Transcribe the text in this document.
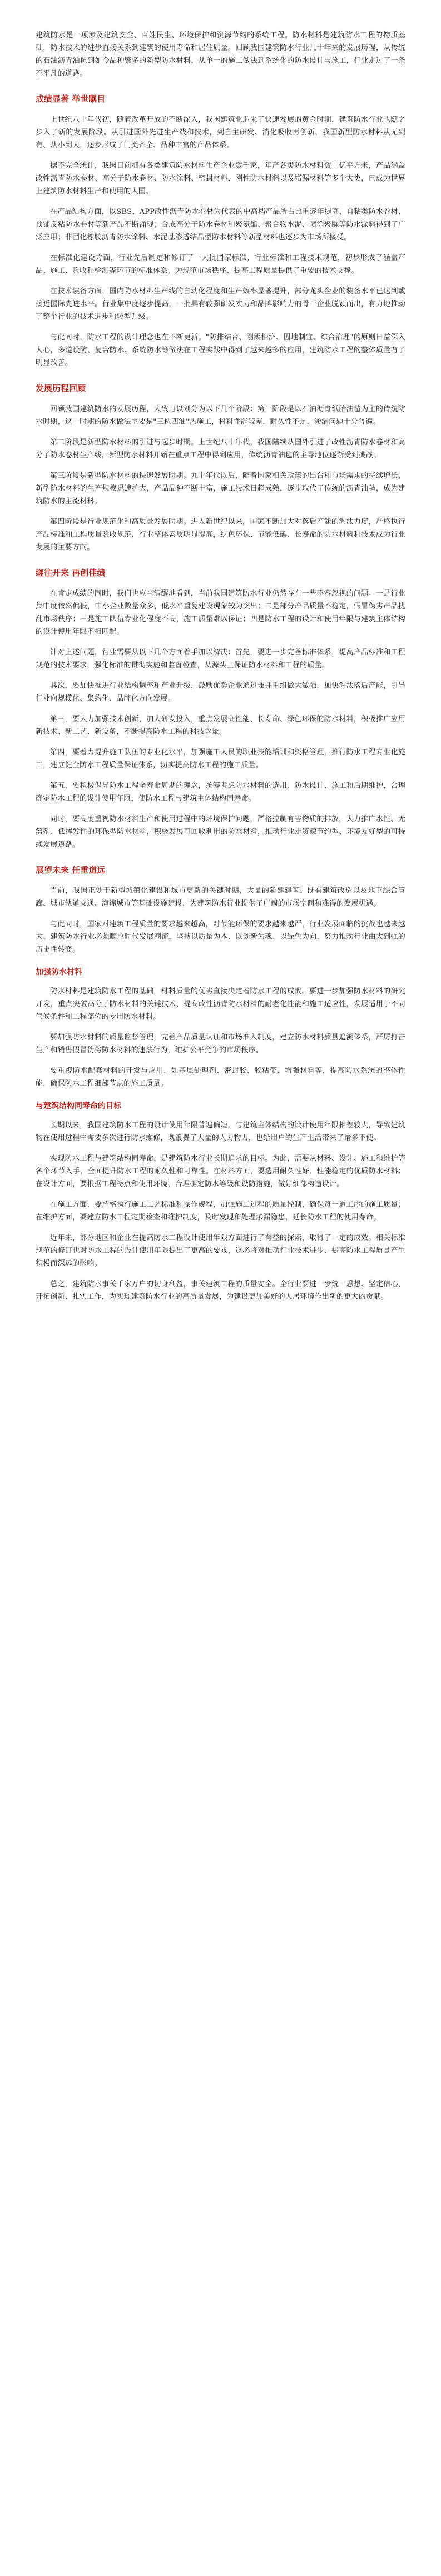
建筑防水是一项涉及建筑安全、百姓民生、环境保护和资源节约的系统工程。防水材料是建筑防水工程的物质基础，防水技术的进步直接关系到建筑的使用寿命和居住质量。回顾我国建筑防水行业几十年来的发展历程，从传统的石油沥青油毡到如今品种繁多的新型防水材料，从单一的施工做法到系统化的防水设计与施工，行业走过了一条不平凡的道路。

成绩显著 举世瞩目

上世纪八十年代初，随着改革开放的不断深入，我国建筑业迎来了快速发展的黄金时期，建筑防水行业也随之步入了新的发展阶段。从引进国外先进生产线和技术，到自主研发、消化吸收再创新，我国新型防水材料从无到有、从小到大，逐步形成了门类齐全、品种丰富的产品体系。

据不完全统计，我国目前拥有各类建筑防水材料生产企业数千家，年产各类防水材料数十亿平方米，产品涵盖改性沥青防水卷材、高分子防水卷材、防水涂料、密封材料、刚性防水材料以及堵漏材料等多个大类，已成为世界上建筑防水材料生产和使用的大国。

在产品结构方面，以SBS、APP改性沥青防水卷材为代表的中高档产品所占比重逐年提高，自粘类防水卷材、预铺反粘防水卷材等新产品不断涌现；合成高分子防水卷材和聚氨酯、聚合物水泥、喷涂聚脲等防水涂料得到了广泛应用；非固化橡胶沥青防水涂料、水泥基渗透结晶型防水材料等新型材料也逐步为市场所接受。

在标准化建设方面，行业先后制定和修订了一大批国家标准、行业标准和工程技术规范，初步形成了涵盖产品、施工、验收和检测等环节的标准体系，为规范市场秩序、提高工程质量提供了重要的技术支撑。

在技术装备方面，国内防水材料生产线的自动化程度和生产效率显著提升，部分龙头企业的装备水平已达到或接近国际先进水平。行业集中度逐步提高，一批具有较强研发实力和品牌影响力的骨干企业脱颖而出，有力地推动了整个行业的技术进步和转型升级。

与此同时，防水工程的设计理念也在不断更新。"防排结合、刚柔相济、因地制宜、综合治理"的原则日益深入人心，多道设防、复合防水、系统防水等做法在工程实践中得到了越来越多的应用，建筑防水工程的整体质量有了明显改善。

发展历程回顾

回顾我国建筑防水的发展历程，大致可以划分为以下几个阶段：第一阶段是以石油沥青纸胎油毡为主的传统防水时期，这一时期的防水做法主要是"三毡四油"热施工，材料性能较差，耐久性不足，渗漏问题十分普遍。

第二阶段是新型防水材料的引进与起步时期。上世纪八十年代，我国陆续从国外引进了改性沥青防水卷材和高分子防水卷材生产线，新型防水材料开始在重点工程中得到应用，传统沥青油毡的主导地位逐渐受到挑战。

第三阶段是新型防水材料的快速发展时期。九十年代以后，随着国家相关政策的出台和市场需求的持续增长，新型防水材料的生产规模迅速扩大，产品品种不断丰富，施工技术日趋成熟，逐步取代了传统的沥青油毡，成为建筑防水的主流材料。

第四阶段是行业规范化和高质量发展时期。进入新世纪以来，国家不断加大对落后产能的淘汰力度，严格执行产品标准和工程质量验收规范，行业整体素质明显提高，绿色环保、节能低碳、长寿命的防水材料和技术成为行业发展的主要方向。

继往开来 再创佳绩

在肯定成绩的同时，我们也应当清醒地看到，当前我国建筑防水行业仍然存在一些不容忽视的问题：一是行业集中度依然偏低，中小企业数量众多，低水平重复建设现象较为突出；二是部分产品质量不稳定，假冒伪劣产品扰乱市场秩序；三是施工队伍专业化程度不高，施工质量难以保证；四是防水工程的设计和使用年限与建筑主体结构的设计使用年限不相匹配。

针对上述问题，行业需要从以下几个方面着手加以解决：首先，要进一步完善标准体系，提高产品标准和工程规范的技术要求，强化标准的贯彻实施和监督检查，从源头上保证防水材料和工程的质量。

其次，要加快推进行业结构调整和产业升级，鼓励优势企业通过兼并重组做大做强，加快淘汰落后产能，引导行业向规模化、集约化、品牌化方向发展。

第三，要大力加强技术创新，加大研发投入，重点发展高性能、长寿命、绿色环保的防水材料，积极推广应用新技术、新工艺、新设备，不断提高防水工程的科技含量。

第四，要着力提升施工队伍的专业化水平，加强施工人员的职业技能培训和资格管理，推行防水工程专业化施工，建立健全防水工程质量保证体系，切实提高防水工程的施工质量。

第五，要积极倡导防水工程全寿命周期的理念，统筹考虑防水材料的选用、防水设计、施工和后期维护，合理确定防水工程的设计使用年限，使防水工程与建筑主体结构同寿命。

同时，要高度重视防水材料生产和使用过程中的环境保护问题，严格控制有害物质的排放，大力推广水性、无溶剂、低挥发性的环保型防水材料，积极发展可回收利用的防水材料，推动行业走资源节约型、环境友好型的可持续发展道路。

展望未来 任重道远

当前，我国正处于新型城镇化建设和城市更新的关键时期，大量的新建建筑、既有建筑改造以及地下综合管廊、城市轨道交通、海绵城市等基础设施建设，为建筑防水行业提供了广阔的市场空间和难得的发展机遇。

与此同时，国家对建筑工程质量的要求越来越高，对节能环保的要求越来越严，行业发展面临的挑战也越来越大。建筑防水行业必须顺应时代发展潮流，坚持以质量为本、以创新为魂、以绿色为向，努力推动行业由大到强的历史性转变。

加强防水材料

防水材料是建筑防水工程的基础，材料质量的优劣直接决定着防水工程的成败。要进一步加强防水材料的研究开发，重点突破高分子防水材料的关键技术，提高改性沥青防水材料的耐老化性能和施工适应性，发展适用于不同气候条件和工程部位的专用防水材料。

要加强防水材料的质量监督管理，完善产品质量认证和市场准入制度，建立防水材料质量追溯体系，严厉打击生产和销售假冒伪劣防水材料的违法行为，维护公平竞争的市场秩序。

要重视防水配套材料的开发与应用，如基层处理剂、密封胶、胶粘带、增强材料等，提高防水系统的整体性能，确保防水工程细部节点的施工质量。

与建筑结构同寿命的目标

长期以来，我国建筑防水工程的设计使用年限普遍偏短，与建筑主体结构的设计使用年限相差较大，导致建筑物在使用过程中需要多次进行防水维修，既浪费了大量的人力物力，也给用户的生产生活带来了诸多不便。

实现防水工程与建筑结构同寿命，是建筑防水行业长期追求的目标。为此，需要从材料、设计、施工和维护等各个环节入手，全面提升防水工程的耐久性和可靠性。在材料方面，要选用耐久性好、性能稳定的优质防水材料；在设计方面，要根据工程特点和使用环境，合理确定防水等级和设防措施，做好细部构造设计。

在施工方面，要严格执行施工工艺标准和操作规程，加强施工过程的质量控制，确保每一道工序的施工质量；在维护方面，要建立防水工程定期检查和维护制度，及时发现和处理渗漏隐患，延长防水工程的使用寿命。

近年来，部分地区和企业在提高防水工程设计使用年限方面进行了有益的探索，取得了一定的成效。相关标准规范的修订也对防水工程的设计使用年限提出了更高的要求，这必将对推动行业技术进步、提高防水工程质量产生积极而深远的影响。

总之，建筑防水事关千家万户的切身利益，事关建筑工程的质量安全。全行业要进一步统一思想、坚定信心、开拓创新、扎实工作，为实现建筑防水行业的高质量发展，为建设更加美好的人居环境作出新的更大的贡献。
